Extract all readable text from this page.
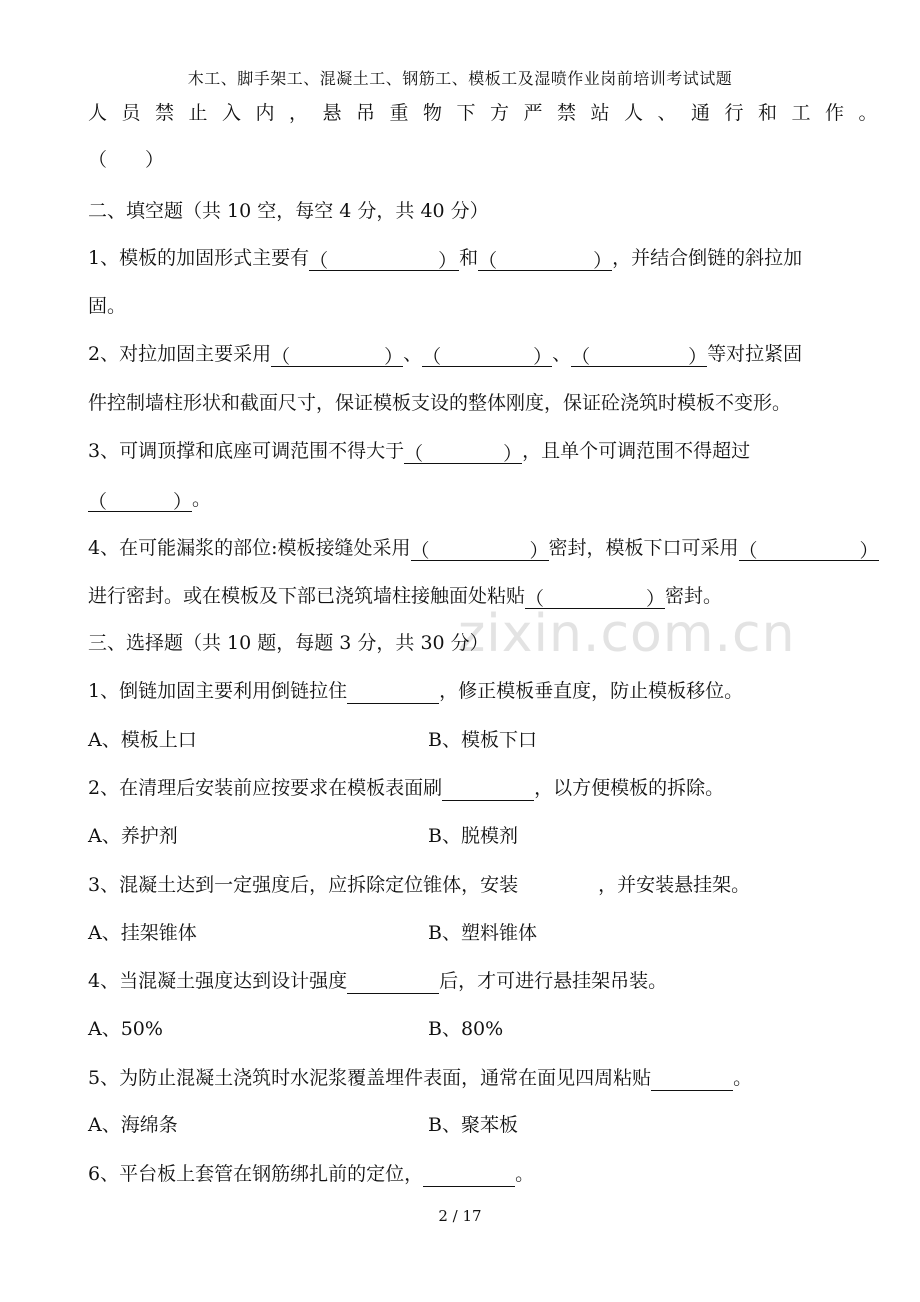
木工、脚手架工、混凝土工、钢筋工、模板工及湿喷作业岗前培训考试试题
人员禁止入内，悬吊重物下方严禁站人、通行和工作。
（　　）
二、填空题（共 10 空，每空 4 分，共 40 分）
1、模板的加固形式主要有（	） 和（	），并结合倒链的斜拉加
固。
2、对拉加固主要采用（	）、（	）、（	）等对拉紧固
件控制墙柱形状和截面尺寸，保证模板支设的整体刚度，保证砼浇筑时模板不变形。
3、可调顶撑和底座可调范围不得大于（	），且单个可调范围不得超过
（	）。
4、在可能漏浆的部位:模板接缝处采用（	）密封，模板下口可采用（	）
进行密封。或在模板及下部已浇筑墙柱接触面处粘贴（	）密封。
zixin.com.cn
三、选择题（共 10 题，每题 3 分，共 30 分）
1、倒链加固主要利用倒链拉住	，修正模板垂直度，防止模板移位。
A、模板上口	B、模板下口
2、在清理后安装前应按要求在模板表面刷	，以方便模板的拆除。
A、养护剂	B、脱模剂
3、混凝土达到一定强度后，应拆除定位锥体，安装	，并安装悬挂架。
A、挂架锥体	B、塑料锥体
4、当混凝土强度达到设计强度	后，才可进行悬挂架吊装。
A、50%	B、80%
5、为防止混凝土浇筑时水泥浆覆盖埋件表面，通常在面见四周粘贴	。
A、海绵条	B、聚苯板
6、平台板上套管在钢筋绑扎前的定位，	。
2 / 17
